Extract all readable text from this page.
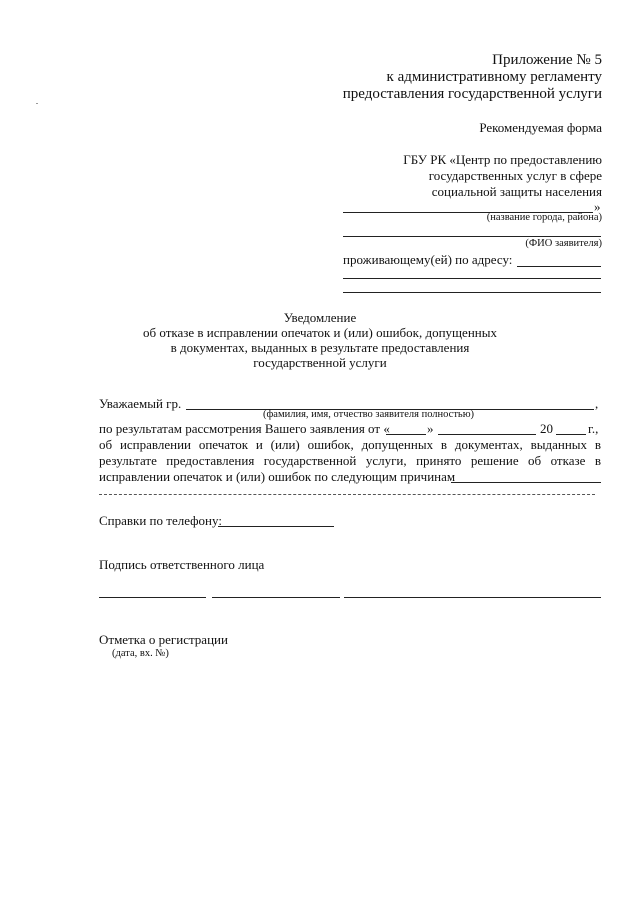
Приложение № 5
к административному регламенту
предоставления государственной услуги
Рекомендуемая форма
ГБУ РК «Центр по предоставлению
государственных услуг в сфере
социальной защиты населения
»
(название города, района)
(ФИО заявителя)
проживающему(ей) по адресу:
Уведомление
об отказе в исправлении опечаток и (или) ошибок, допущенных
в документах, выданных в результате предоставления
государственной услуги
Уважаемый гр.	,
(фамилия, имя, отчество заявителя полностью)
по результатам рассмотрения Вашего заявления от «	»	20	г.,
об исправлении опечаток и (или) ошибок, допущенных в документах, выданных в
результате предоставления государственной услуги, принято решение об отказе в
исправлении опечаток и (или) ошибок по следующим причинам
Справки по телефону:
Подпись ответственного лица
Отметка о регистрации
(дата, вх. №)
